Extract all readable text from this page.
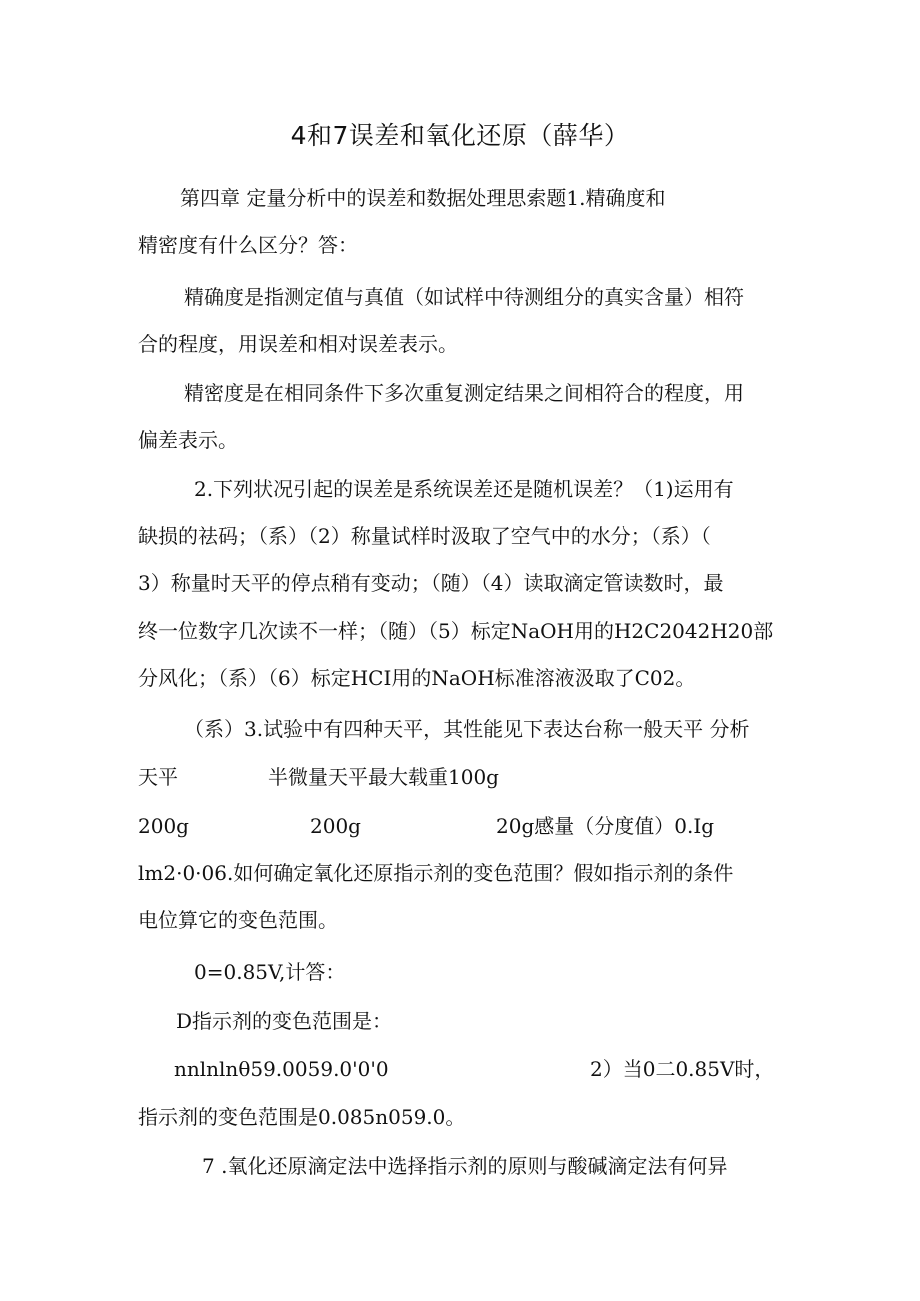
4和7误差和氧化还原（薛华）
第四章 定量分析中的误差和数据处理思索题1.精确度和
精密度有什么区分？答：
精确度是指测定值与真值（如试样中待测组分的真实含量）相符
合的程度，用误差和相对误差表示。
精密度是在相同条件下多次重复测定结果之间相符合的程度，用
偏差表示。
2.下列状况引起的误差是系统误差还是随机误差？（1)运用有
缺损的祛码；（系）（2）称量试样时汲取了空气中的水分；（系）（
3）称量时天平的停点稍有变动；（随）（4）读取滴定管读数时，最
终一位数字几次读不一样；（随）（5）标定NaOH用的H2C2042H20部
分风化；（系）（6）标定HCI用的NaOH标准溶液汲取了C02。
（系）3.试验中有四种天平，其性能见下表达台称一般天平 分析
天平	半微量天平最大载重100g
200g	200g	20g感量（分度值）0.Ig
lm2·0·06.如何确定氧化还原指示剂的变色范围？假如指示剂的条件
电位算它的变色范围。
0=0.85V,计答：
D指示剂的变色范围是：
nnlnlnθ59.0059.0'0'0	2）当0二0.85V时，
指示剂的变色范围是0.085n059.0。
7 .氧化还原滴定法中选择指示剂的原则与酸碱滴定法有何异
